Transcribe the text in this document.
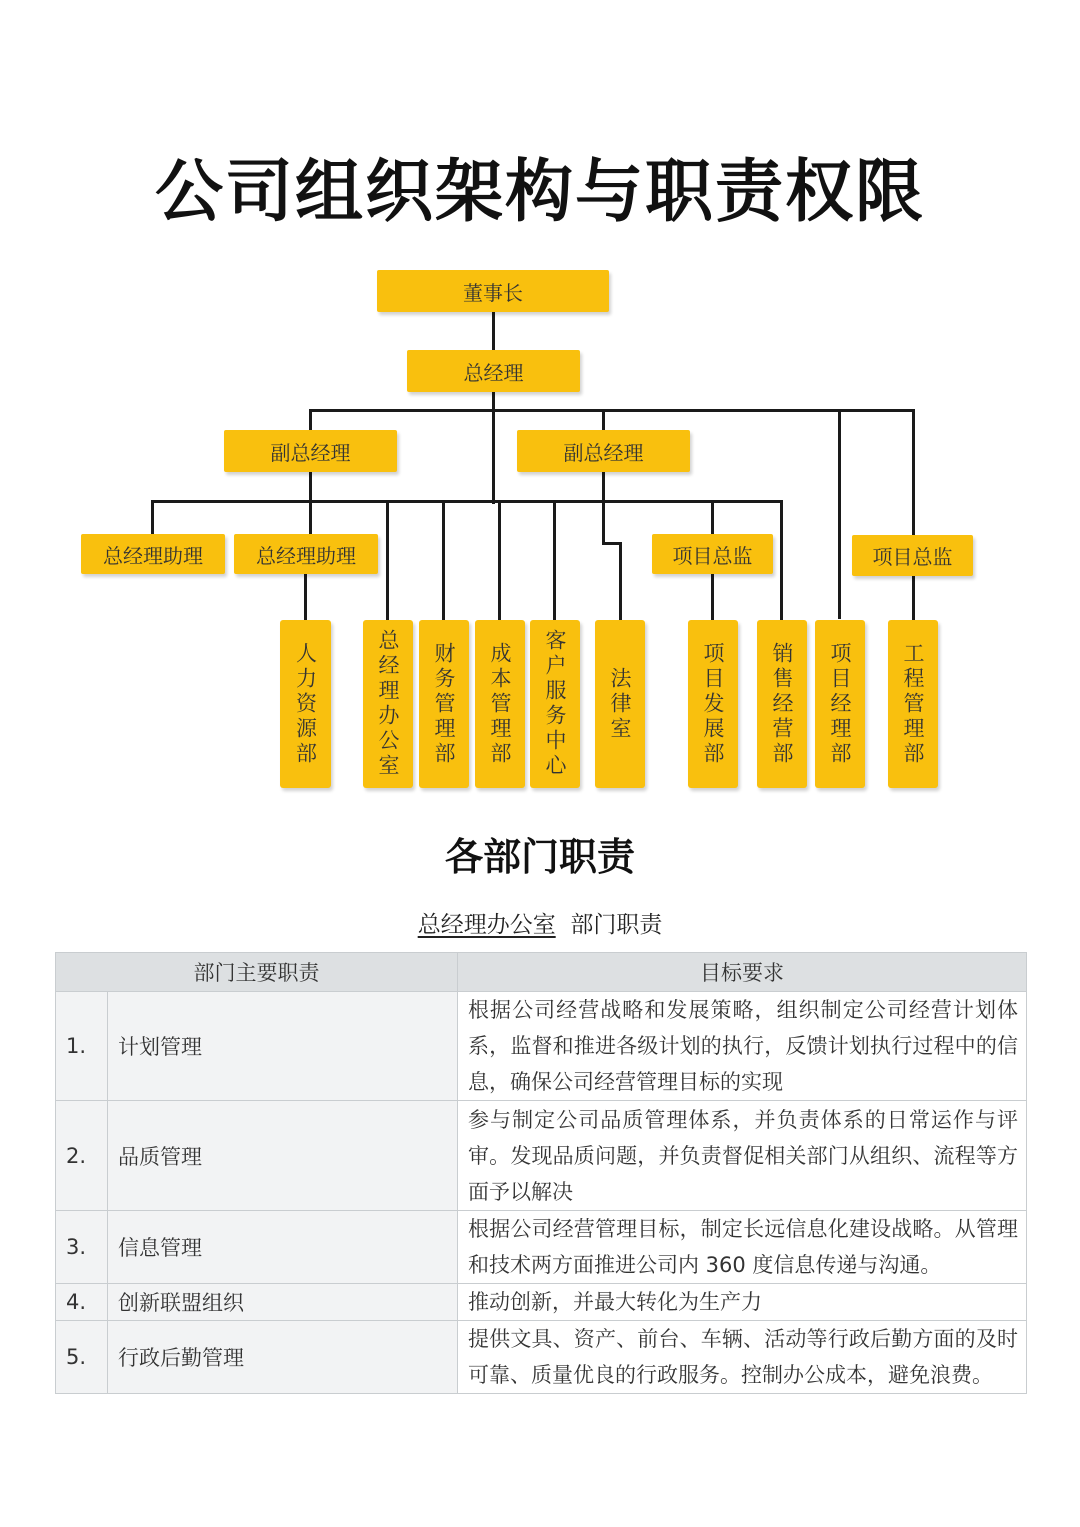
公司组织架构与职责权限
董事长
总经理
副总经理	副总经理
总经理助理	总经理助理	项目总监	项目总监
人力资源部	总经理办公室	财务管理部	成本管理部	客户服务中心	法律室	项目发展部	销售经营部	项目经理部	工程管理部
各部门职责
总经理办公室 部门职责
部门主要职责		目标要求
1.	计划管理	根据公司经营战略和发展策略，组织制定公司经营计划体系，监督和推进各级计划的执行，反馈计划执行过程中的信息，确保公司经营管理目标的实现
2.	品质管理	参与制定公司品质管理体系，并负责体系的日常运作与评审。发现品质问题，并负责督促相关部门从组织、流程等方面予以解决
3.	信息管理	根据公司经营管理目标，制定长远信息化建设战略。从管理和技术两方面推进公司内 360 度信息传递与沟通。
4.	创新联盟组织	推动创新，并最大转化为生产力
5.	行政后勤管理	提供文具、资产、前台、车辆、活动等行政后勤方面的及时可靠、质量优良的行政服务。控制办公成本，避免浪费。
